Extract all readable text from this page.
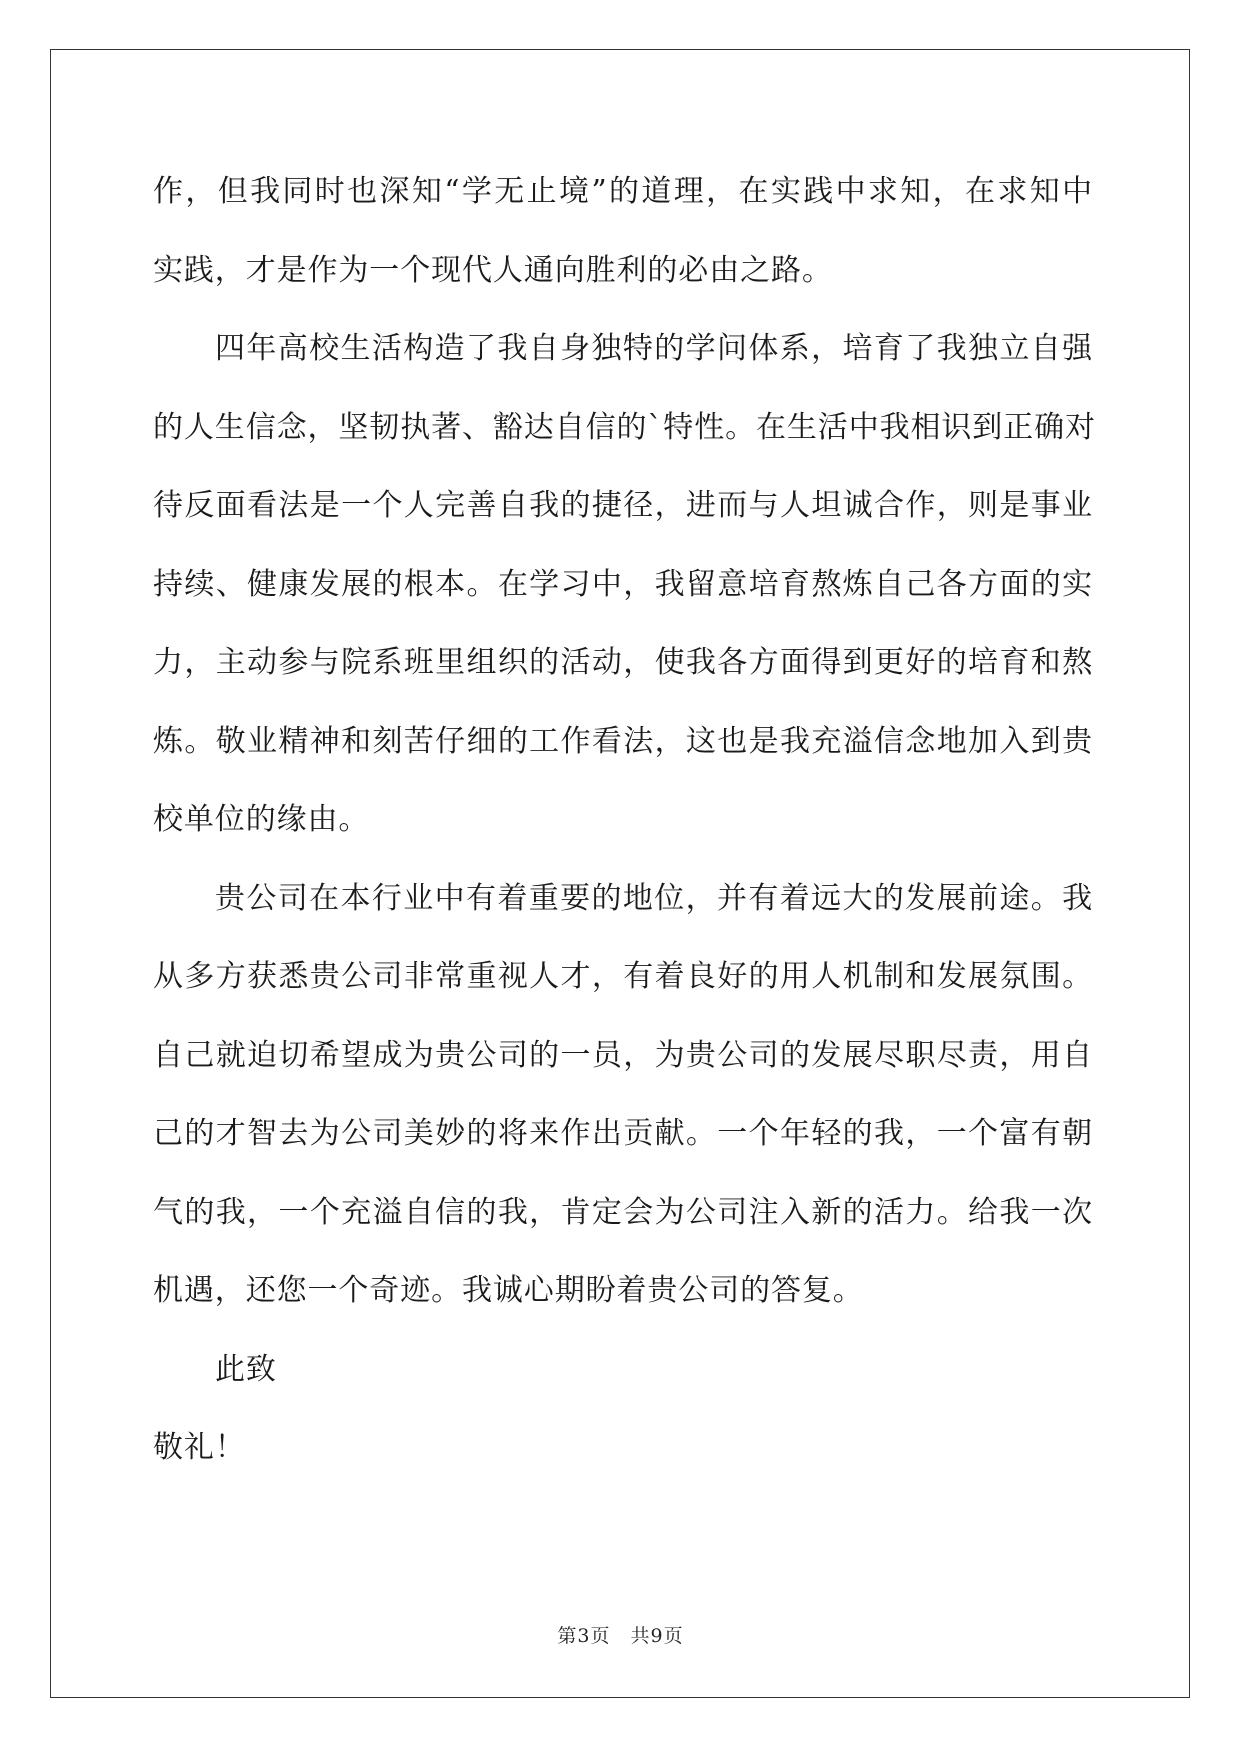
作，但我同时也深知“学无止境”的道理，在实践中求知，在求知中
实践，才是作为一个现代人通向胜利的必由之路。
四年高校生活构造了我自身独特的学问体系，培育了我独立自强
的人生信念，坚韧执著、豁达自信的`特性。在生活中我相识到正确对
待反面看法是一个人完善自我的捷径，进而与人坦诚合作，则是事业
持续、健康发展的根本。在学习中，我留意培育熬炼自己各方面的实
力，主动参与院系班里组织的活动，使我各方面得到更好的培育和熬
炼。敬业精神和刻苦仔细的工作看法，这也是我充溢信念地加入到贵
校单位的缘由。
贵公司在本行业中有着重要的地位，并有着远大的发展前途。我
从多方获悉贵公司非常重视人才，有着良好的用人机制和发展氛围。
自己就迫切希望成为贵公司的一员，为贵公司的发展尽职尽责，用自
己的才智去为公司美妙的将来作出贡献。一个年轻的我，一个富有朝
气的我，一个充溢自信的我，肯定会为公司注入新的活力。给我一次
机遇，还您一个奇迹。我诚心期盼着贵公司的答复。
此致
敬礼！
第3页　共9页
